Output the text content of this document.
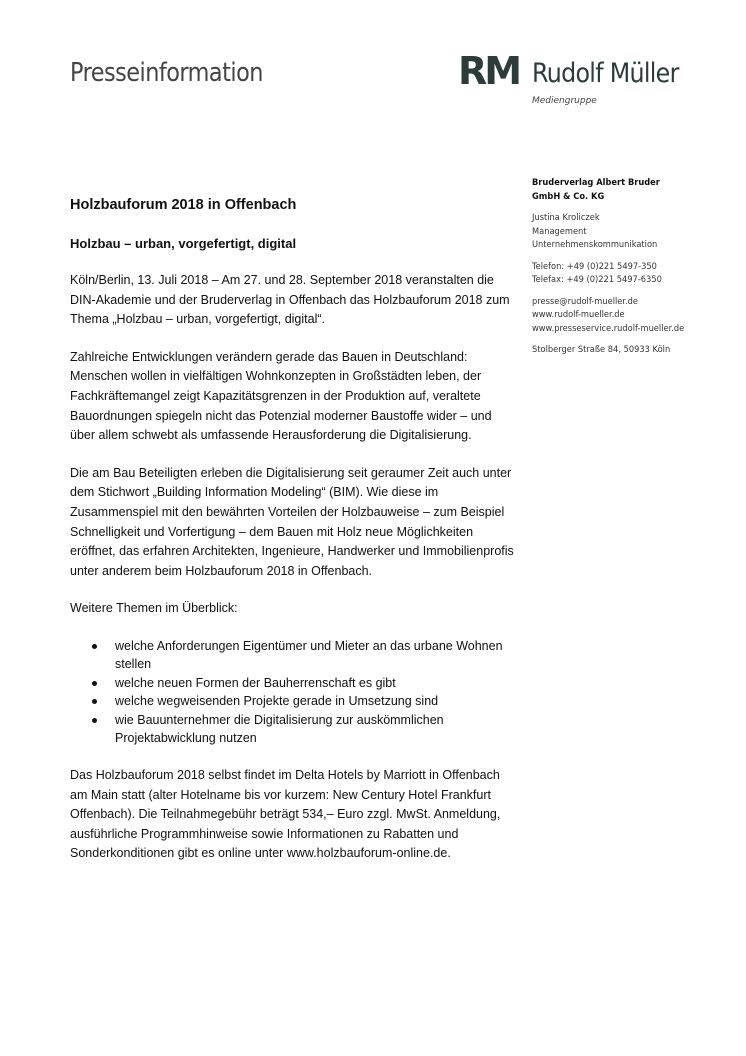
Presseinformation	RM Rudolf Müller
Mediengruppe
Bruderverlag Albert Bruder
GmbH & Co. KG
Justina Kroliczek
Management
Unternehmenskommunikation
Telefon: +49 (0)221 5497-350
Telefax: +49 (0)221 5497-6350
presse@rudolf-mueller.de
www.rudolf-mueller.de
www.presseservice.rudolf-mueller.de
Stolberger Straße 84, 50933 Köln
Holzbauforum 2018 in Offenbach
Holzbau – urban, vorgefertigt, digital

Köln/Berlin, 13. Juli 2018 – Am 27. und 28. September 2018 veranstalten die DIN-Akademie und der Bruderverlag in Offenbach das Holzbauforum 2018 zum Thema „Holzbau – urban, vorgefertigt, digital“.

Zahlreiche Entwicklungen verändern gerade das Bauen in Deutschland: Menschen wollen in vielfältigen Wohnkonzepten in Großstädten leben, der Fachkräftemangel zeigt Kapazitätsgrenzen in der Produktion auf, veraltete Bauordnungen spiegeln nicht das Potenzial moderner Baustoffe wider – und über allem schwebt als umfassende Herausforderung die Digitalisierung.

Die am Bau Beteiligten erleben die Digitalisierung seit geraumer Zeit auch unter dem Stichwort „Building Information Modeling“ (BIM). Wie diese im Zusammenspiel mit den bewährten Vorteilen der Holzbauweise – zum Beispiel Schnelligkeit und Vorfertigung – dem Bauen mit Holz neue Möglichkeiten eröffnet, das erfahren Architekten, Ingenieure, Handwerker und Immobilienprofis unter anderem beim Holzbauforum 2018 in Offenbach.

Weitere Themen im Überblick:

welche Anforderungen Eigentümer und Mieter an das urbane Wohnen stellen
welche neuen Formen der Bauherrenschaft es gibt
welche wegweisenden Projekte gerade in Umsetzung sind
wie Bauunternehmer die Digitalisierung zur auskömmlichen Projektabwicklung nutzen

Das Holzbauforum 2018 selbst findet im Delta Hotels by Marriott in Offenbach am Main statt (alter Hotelname bis vor kurzem: New Century Hotel Frankfurt Offenbach). Die Teilnahmegebühr beträgt 534,– Euro zzgl. MwSt. Anmeldung, ausführliche Programmhinweise sowie Informationen zu Rabatten und Sonderkonditionen gibt es online unter www.holzbauforum-online.de.
